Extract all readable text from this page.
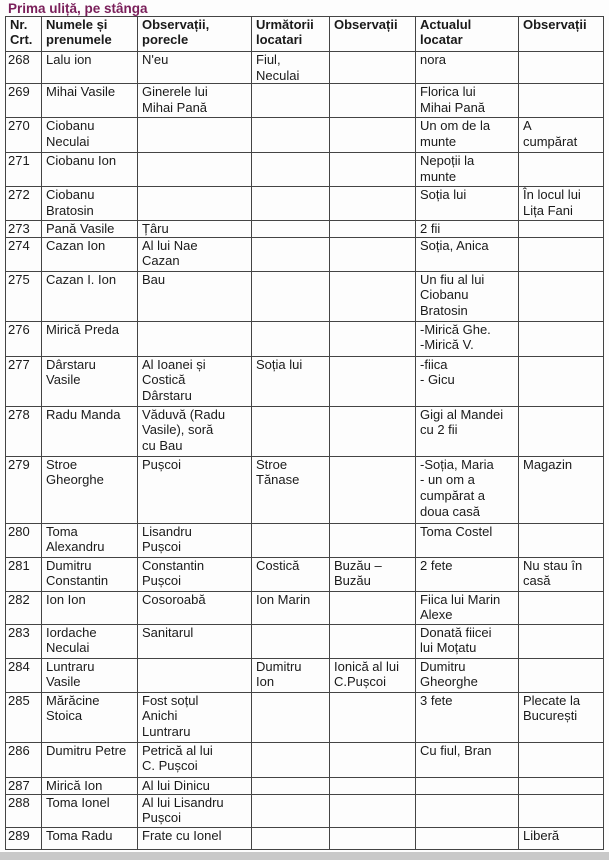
Prima uliță, pe stânga
Nr.
Crt.	Numele și
prenumele	Observații,
porecle	Următorii
locatari	Observații	Actualul
locatar	Observații

268	Lalu ion	N'eu	Fiul,
Neculai		nora	

269	Mihai Vasile	Ginerele lui
Mihai Pană			Florica lui
Mihai Pană	

270	Ciobanu
Neculai				Un om de la
munte	A
cumpărat

271	Ciobanu Ion				Nepoții la
munte	

272	Ciobanu
Bratosin				Soția lui	În locul lui
Lița Fani

273	Pană Vasile	Țâru			2 fii	

274	Cazan Ion	Al lui Nae
Cazan			Soția, Anica	

275	Cazan I. Ion	Bau			Un fiu al lui
Ciobanu
Bratosin	

276	Mirică Preda				-Mirică Ghe.
-Mirică V.	

277	Dârstaru
Vasile	Al Ioanei și
Costică
Dârstaru	Soția lui		-fiica
- Gicu	

278	Radu Manda	Văduvă (Radu
Vasile), soră
cu Bau			Gigi al Mandei
cu 2 fii	

279	Stroe
Gheorghe	Pușcoi	Stroe
Tănase		-Soția, Maria
- un om a
cumpărat a
doua casă	Magazin

280	Toma
Alexandru	Lisandru
Pușcoi			Toma Costel	

281	Dumitru
Constantin	Constantin
Pușcoi	Costică	Buzău –
Buzău	2 fete	Nu stau în
casă

282	Ion Ion	Cosoroabă	Ion Marin		Fiica lui Marin
Alexe	

283	Iordache
Neculai	Sanitarul			Donată fiicei
lui Moțatu	

284	Luntraru
Vasile		Dumitru
Ion	Ionică al lui
C.Pușcoi	Dumitru
Gheorghe	

285	Mărăcine
Stoica	Fost soțul
Anichi
Luntraru			3 fete	Plecate la
București

286	Dumitru Petre	Petrică al lui
C. Pușcoi			Cu fiul, Bran	

287	Mirică Ion	Al lui Dinicu				

288	Toma Ionel	Al lui Lisandru
Pușcoi				

289	Toma Radu	Frate cu Ionel				Liberă
